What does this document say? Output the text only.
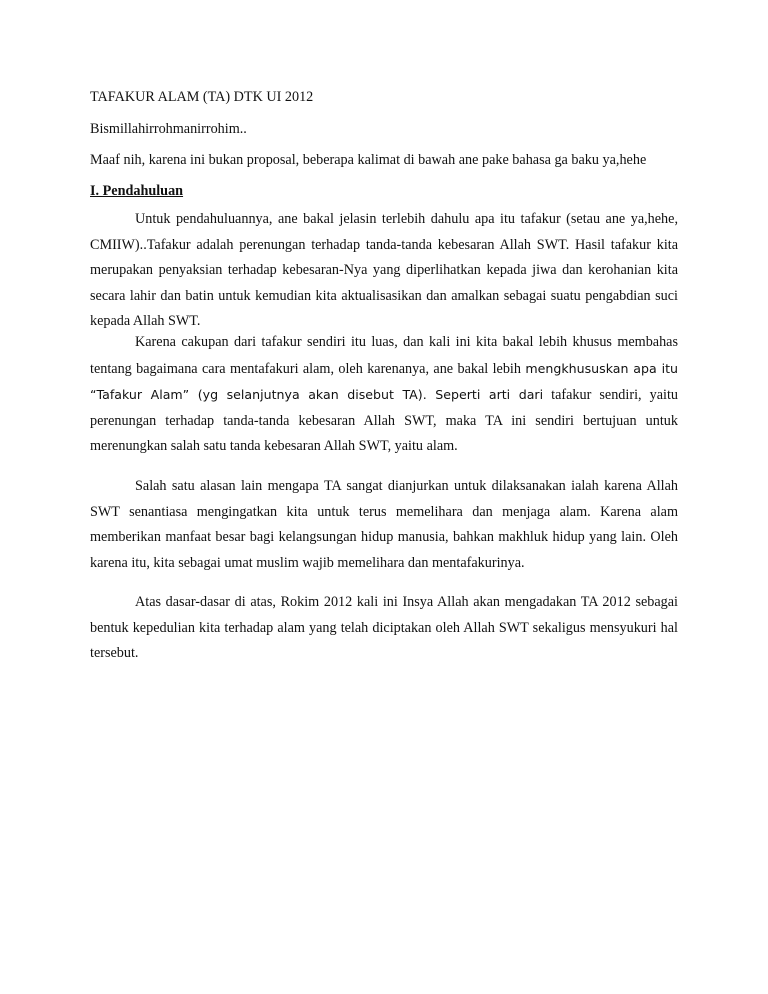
TAFAKUR ALAM (TA) DTK UI 2012
Bismillahirrohmanirrohim..
Maaf nih, karena ini bukan proposal, beberapa kalimat di bawah ane pake bahasa ga baku ya,hehe
I. Pendahuluan

Untuk pendahuluannya, ane bakal jelasin terlebih dahulu apa itu tafakur (setau ane ya,hehe, CMIIW)..Tafakur adalah perenungan terhadap tanda-tanda kebesaran Allah SWT. Hasil tafakur kita merupakan penyaksian terhadap kebesaran-Nya yang diperlihatkan kepada jiwa dan kerohanian kita secara lahir dan batin untuk kemudian kita aktualisasikan dan amalkan sebagai suatu pengabdian suci kepada Allah SWT.

Karena cakupan dari tafakur sendiri itu luas, dan kali ini kita bakal lebih khusus membahas tentang bagaimana cara mentafakuri alam, oleh karenanya, ane bakal lebih mengkhususkan apa itu “Tafakur Alam” (yg selanjutnya akan disebut TA). Seperti arti dari tafakur sendiri, yaitu perenungan terhadap tanda-tanda kebesaran Allah SWT, maka TA ini sendiri bertujuan untuk merenungkan salah satu tanda kebesaran Allah SWT, yaitu alam.

Salah satu alasan lain mengapa TA sangat dianjurkan untuk dilaksanakan ialah karena Allah SWT senantiasa mengingatkan kita untuk terus memelihara dan menjaga alam. Karena alam memberikan manfaat besar bagi kelangsungan hidup manusia, bahkan makhluk hidup yang lain. Oleh karena itu, kita sebagai umat muslim wajib memelihara dan mentafakurinya.

Atas dasar-dasar di atas, Rokim 2012 kali ini Insya Allah akan mengadakan TA 2012 sebagai bentuk kepedulian kita terhadap alam yang telah diciptakan oleh Allah SWT sekaligus mensyukuri hal tersebut.
